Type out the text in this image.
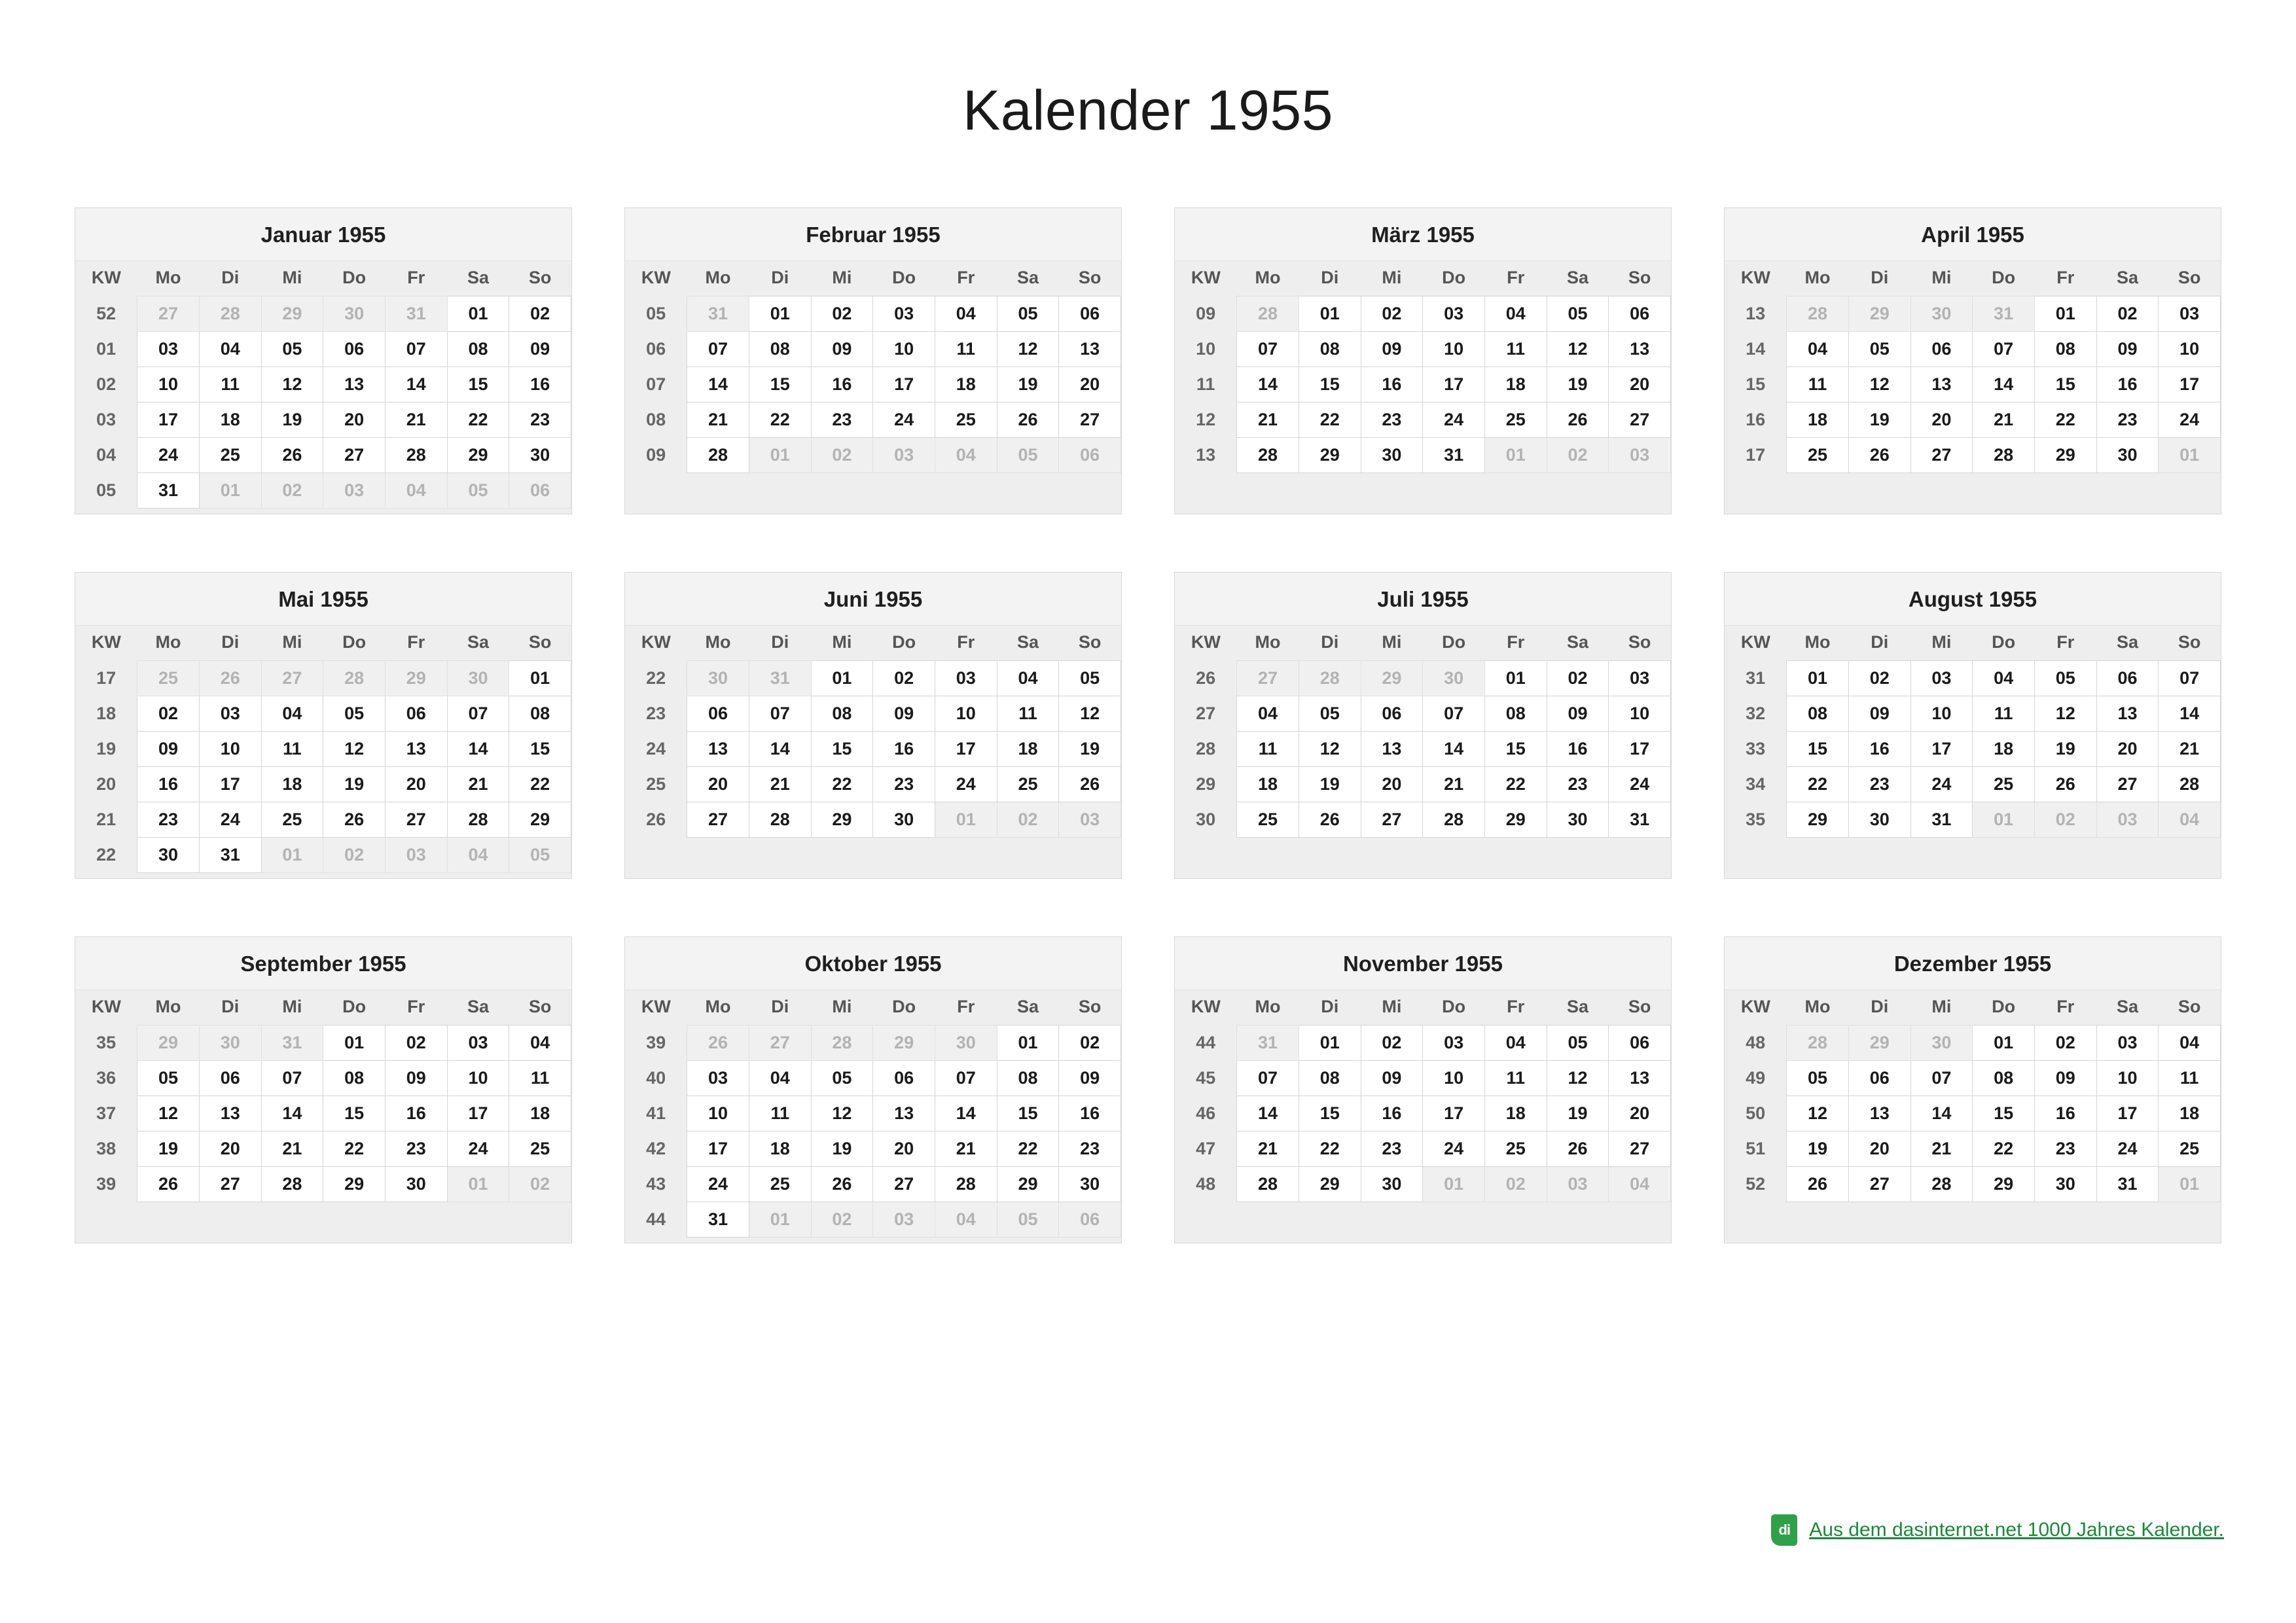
Kalender 1955
Januar 1955
KW	Mo	Di	Mi	Do	Fr	Sa	So
52	27	28	29	30	31	01	02
01	03	04	05	06	07	08	09
02	10	11	12	13	14	15	16
03	17	18	19	20	21	22	23
04	24	25	26	27	28	29	30
05	31	01	02	03	04	05	06
Februar 1955
KW	Mo	Di	Mi	Do	Fr	Sa	So
05	31	01	02	03	04	05	06
06	07	08	09	10	11	12	13
07	14	15	16	17	18	19	20
08	21	22	23	24	25	26	27
09	28	01	02	03	04	05	06
März 1955
KW	Mo	Di	Mi	Do	Fr	Sa	So
09	28	01	02	03	04	05	06
10	07	08	09	10	11	12	13
11	14	15	16	17	18	19	20
12	21	22	23	24	25	26	27
13	28	29	30	31	01	02	03
April 1955
KW	Mo	Di	Mi	Do	Fr	Sa	So
13	28	29	30	31	01	02	03
14	04	05	06	07	08	09	10
15	11	12	13	14	15	16	17
16	18	19	20	21	22	23	24
17	25	26	27	28	29	30	01
Mai 1955
KW	Mo	Di	Mi	Do	Fr	Sa	So
17	25	26	27	28	29	30	01
18	02	03	04	05	06	07	08
19	09	10	11	12	13	14	15
20	16	17	18	19	20	21	22
21	23	24	25	26	27	28	29
22	30	31	01	02	03	04	05
Juni 1955
KW	Mo	Di	Mi	Do	Fr	Sa	So
22	30	31	01	02	03	04	05
23	06	07	08	09	10	11	12
24	13	14	15	16	17	18	19
25	20	21	22	23	24	25	26
26	27	28	29	30	01	02	03
Juli 1955
KW	Mo	Di	Mi	Do	Fr	Sa	So
26	27	28	29	30	01	02	03
27	04	05	06	07	08	09	10
28	11	12	13	14	15	16	17
29	18	19	20	21	22	23	24
30	25	26	27	28	29	30	31
August 1955
KW	Mo	Di	Mi	Do	Fr	Sa	So
31	01	02	03	04	05	06	07
32	08	09	10	11	12	13	14
33	15	16	17	18	19	20	21
34	22	23	24	25	26	27	28
35	29	30	31	01	02	03	04
September 1955
KW	Mo	Di	Mi	Do	Fr	Sa	So
35	29	30	31	01	02	03	04
36	05	06	07	08	09	10	11
37	12	13	14	15	16	17	18
38	19	20	21	22	23	24	25
39	26	27	28	29	30	01	02
Oktober 1955
KW	Mo	Di	Mi	Do	Fr	Sa	So
39	26	27	28	29	30	01	02
40	03	04	05	06	07	08	09
41	10	11	12	13	14	15	16
42	17	18	19	20	21	22	23
43	24	25	26	27	28	29	30
44	31	01	02	03	04	05	06
November 1955
KW	Mo	Di	Mi	Do	Fr	Sa	So
44	31	01	02	03	04	05	06
45	07	08	09	10	11	12	13
46	14	15	16	17	18	19	20
47	21	22	23	24	25	26	27
48	28	29	30	01	02	03	04
Dezember 1955
KW	Mo	Di	Mi	Do	Fr	Sa	So
48	28	29	30	01	02	03	04
49	05	06	07	08	09	10	11
50	12	13	14	15	16	17	18
51	19	20	21	22	23	24	25
52	26	27	28	29	30	31	01
di Aus dem dasinternet.net 1000 Jahres Kalender.
